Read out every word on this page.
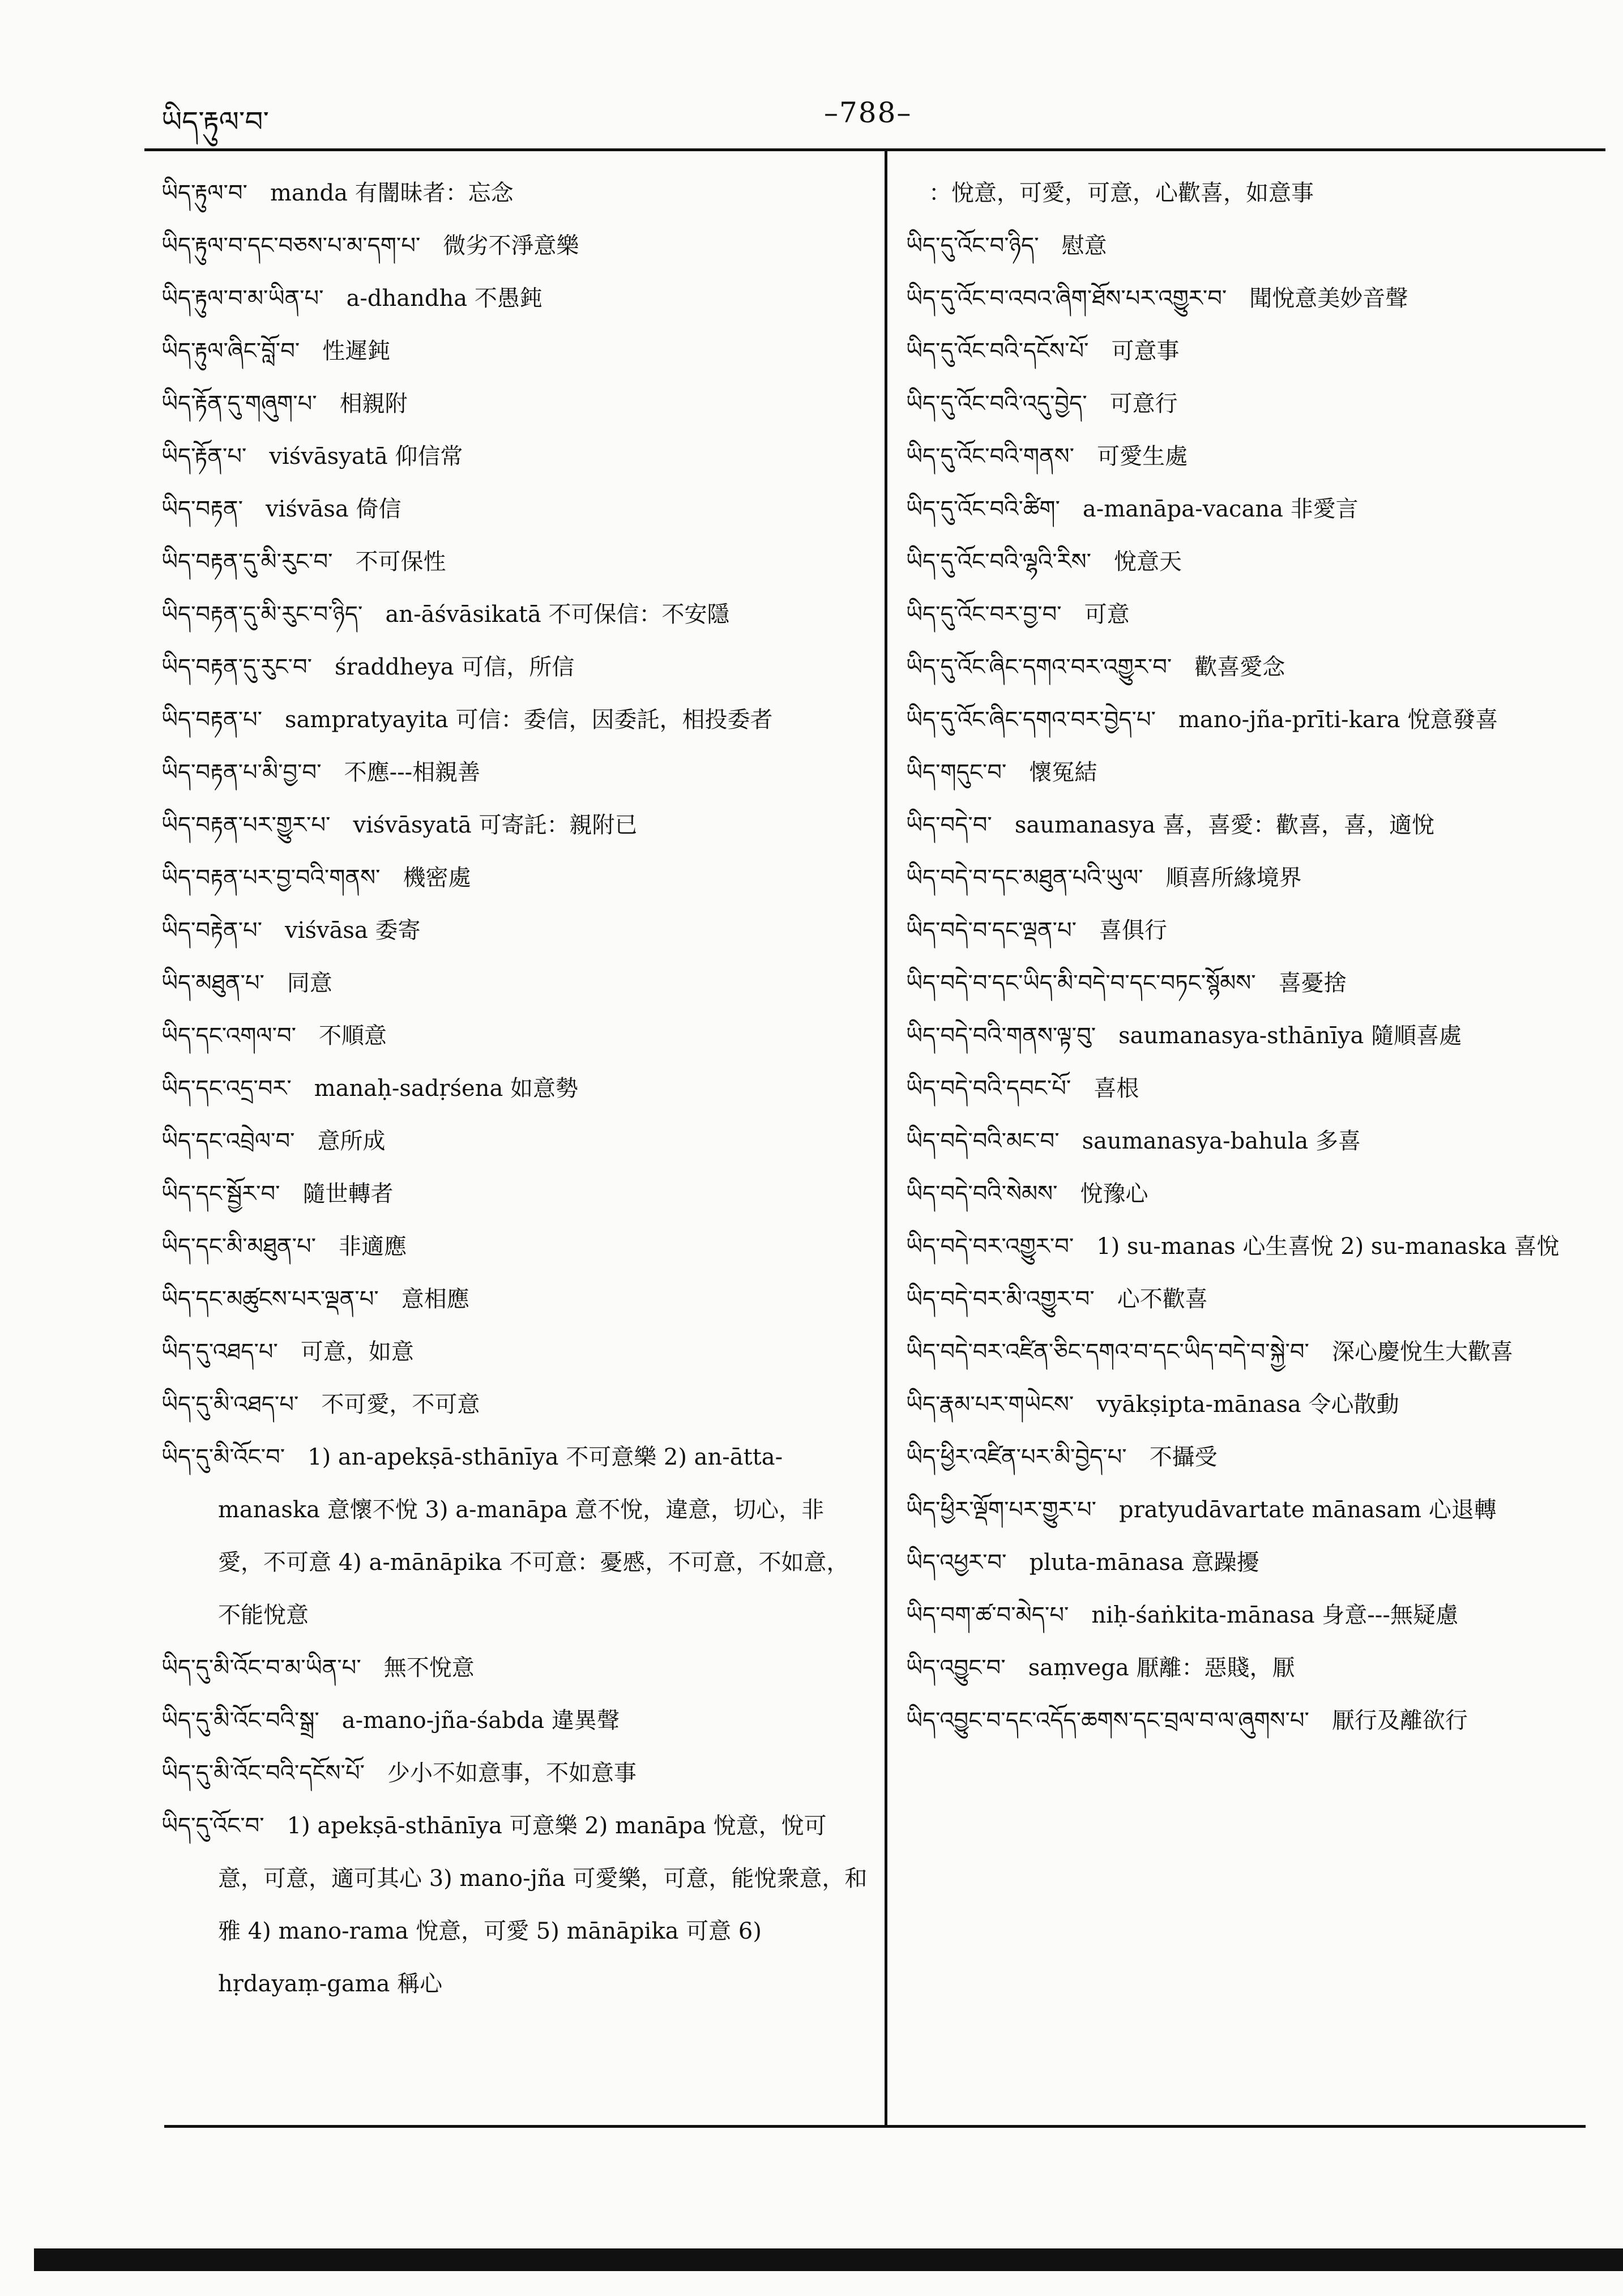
ཡིད་རྟུལ་བ་	–788–
ཡིད་རྟུལ་བ་ manda 有闇昧者：忘念
ཡིད་རྟུལ་བ་དང་བཅས་པ་མ་དག་པ་ 微劣不淨意樂
ཡིད་རྟུལ་བ་མ་ཡིན་པ་ a-dhandha 不愚鈍
ཡིད་རྟུལ་ཞིང་བློ་བ་ 性遲鈍
ཡིད་རྟོན་དུ་གཞུག་པ་ 相親附
ཡིད་རྟོན་པ་ viśvāsyatā 仰信常
ཡིད་བརྟན་ viśvāsa 倚信
ཡིད་བརྟན་དུ་མི་རུང་བ་ 不可保性
ཡིད་བརྟན་དུ་མི་རུང་བ་ཉིད་ an-āśvāsikatā 不可保信：不安隱
ཡིད་བརྟན་དུ་རུང་བ་ śraddheya 可信，所信
ཡིད་བརྟན་པ་ sampratyayita 可信：委信，因委託，相投委者
ཡིད་བརྟན་པ་མི་བྱ་བ་ 不應---相親善
ཡིད་བརྟན་པར་གྱུར་པ་ viśvāsyatā 可寄託：親附已
ཡིད་བརྟན་པར་བྱ་བའི་གནས་ 機密處
ཡིད་བརྟེན་པ་ viśvāsa 委寄
ཡིད་མཐུན་པ་ 同意
ཡིད་དང་འགལ་བ་ 不順意
ཡིད་དང་འདྲ་བར་ manaḥ-sadṛśena 如意勢
ཡིད་དང་འབྲེལ་བ་ 意所成
ཡིད་དང་སྦྱོར་བ་ 隨世轉者
ཡིད་དང་མི་མཐུན་པ་ 非適應
ཡིད་དང་མཚུངས་པར་ལྡན་པ་ 意相應
ཡིད་དུ་འཐད་པ་ 可意，如意
ཡིད་དུ་མི་འཐད་པ་ 不可愛，不可意
ཡིད་དུ་མི་འོང་བ་ 1) an-apekṣā-sthānīya 不可意樂 2) an-ātta-manaska 意懷不悅 3) a-manāpa 意不悅，違意，切心，非愛，不可意 4) a-mānāpika 不可意：憂慼，不可意，不如意，不能悅意
ཡིད་དུ་མི་འོང་བ་མ་ཡིན་པ་ 無不悅意
ཡིད་དུ་མི་འོང་བའི་སྒྲ་ a-mano-jña-śabda 違異聲
ཡིད་དུ་མི་འོང་བའི་དངོས་པོ་ 少小不如意事，不如意事
ཡིད་དུ་འོང་བ་ 1) apekṣā-sthānīya 可意樂 2) manāpa 悅意，悅可意，可意，適可其心 3) mano-jña 可愛樂，可意，能悅衆意，和雅 4) mano-rama 悅意，可愛 5) mānāpika 可意 6) hṛdayaṃ-gama 稱心
：悅意，可愛，可意，心歡喜，如意事
ཡིད་དུ་འོང་བ་ཉིད་ 慰意
ཡིད་དུ་འོང་བ་འབའ་ཞིག་ཐོས་པར་འགྱུར་བ་ 聞悅意美妙音聲
ཡིད་དུ་འོང་བའི་དངོས་པོ་ 可意事
ཡིད་དུ་འོང་བའི་འདུ་བྱེད་ 可意行
ཡིད་དུ་འོང་བའི་གནས་ 可愛生處
ཡིད་དུ་འོང་བའི་ཚིག་ a-manāpa-vacana 非愛言
ཡིད་དུ་འོང་བའི་ལྷའི་རིས་ 悅意天
ཡིད་དུ་འོང་བར་བྱ་བ་ 可意
ཡིད་དུ་འོང་ཞིང་དགའ་བར་འགྱུར་བ་ 歡喜愛念
ཡིད་དུ་འོང་ཞིང་དགའ་བར་བྱེད་པ་ mano-jña-prīti-kara 悅意發喜
ཡིད་གདུང་བ་ 懷冤結
ཡིད་བདེ་བ་ saumanasya 喜，喜愛：歡喜，喜，適悅
ཡིད་བདེ་བ་དང་མཐུན་པའི་ཡུལ་ 順喜所緣境界
ཡིད་བདེ་བ་དང་ལྡན་པ་ 喜俱行
ཡིད་བདེ་བ་དང་ཡིད་མི་བདེ་བ་དང་བཏང་སྙོམས་ 喜憂捨
ཡིད་བདེ་བའི་གནས་ལྟ་བུ་ saumanasya-sthānīya 隨順喜處
ཡིད་བདེ་བའི་དབང་པོ་ 喜根
ཡིད་བདེ་བའི་མང་བ་ saumanasya-bahula 多喜
ཡིད་བདེ་བའི་སེམས་ 悅豫心
ཡིད་བདེ་བར་འགྱུར་བ་ 1) su-manas 心生喜悅 2) su-manaska 喜悅
ཡིད་བདེ་བར་མི་འགྱུར་བ་ 心不歡喜
ཡིད་བདེ་བར་འཛིན་ཅིང་དགའ་བ་དང་ཡིད་བདེ་བ་སྐྱེ་བ་ 深心慶悅生大歡喜
ཡིད་རྣམ་པར་གཡེངས་ vyākṣipta-mānasa 令心散動
ཡིད་ཕྱིར་འཛིན་པར་མི་བྱེད་པ་ 不攝受
ཡིད་ཕྱིར་ལྡོག་པར་གྱུར་པ་ pratyudāvartate mānasam 心退轉
ཡིད་འཕྱར་བ་ pluta-mānasa 意躁擾
ཡིད་བག་ཚ་བ་མེད་པ་ niḥ-śaṅkita-mānasa 身意---無疑慮
ཡིད་འབྱུང་བ་ saṃvega 厭離：惡賤，厭
ཡིད་འབྱུང་བ་དང་འདོད་ཆགས་དང་བྲལ་བ་ལ་ཞུགས་པ་ 厭行及離欲行
